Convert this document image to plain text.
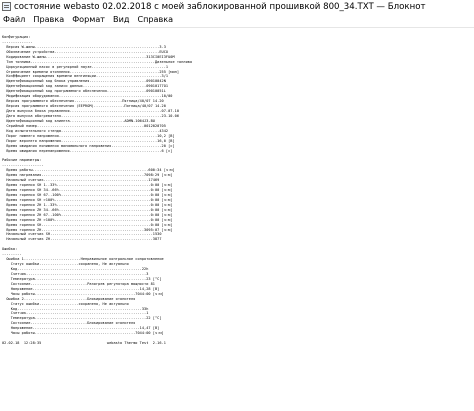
состояние webasto 02.02.2018 с моей заблокированной прошивкой 800_34.TXT — Блокнот
Файл Правка Формат Вид Справка
Конфигурация:
--------------
Версия W-шины.........................................................3.3
Обозначение устройства................................................EUCO
Кодирование W-шины..............................................313CI0EI3FU0M
Тип топлива.........................................................Дизельное топливо
Циркуляционный насос в регулярной паузе..................................1
Ограничение времени отопления.........................................255 [мин]
Коэффициент сокращения времени вентиляции..............................3/1
Идентификационный код блока управления..........................09010042N
Идентификационный код записи данных.............................09010177O1
Идентификационный код программного обеспечения..................09010051L
Модификация оборудования...............................................10/00
Версия программного обеспечения......................Пятница/40/07 14.20
Версия программного обеспечения (EEPROM)..............Пятница/40/07 14.20
Дата выпуска блока управления..........................................07.07.10
Дата выпуска обогревателя..............................................23.10.06
Идентификационный код клиента.........................ADMN-1064J3-BU
Серийный номер.................................................0012020705
Код испытательного стенда.............................................4342
Порог нижнего напряжения.............................................10,2 [В]
Порог верхнего напряжения............................................16,0 [В]
Время ожидания понижения минимального напряжения.......................20 [с]
Время ожидания перенапряжения..........................................6 [с]
Рабочие параметры:
-------------------
Время работы.....................................................600:34 [ч:м]
Время нагревания...............................................7098:29 [ч:м]
Начальный счетчик................................................17469
Время горения SH 1..33%...........................................0:00 [ч:м]
Время горения SH 34..66%..........................................0:00 [ч:м]
Время горения SH 67..100%.........................................0:00 [ч:м]
Время горения SH >100%............................................0:00 [ч:м]
Время горения ZH 1..33%...........................................0:00 [ч:м]
Время горения ZH 34..66%..........................................0:00 [ч:м]
Время горения ZH 67..100%.........................................0:00 [ч:м]
Время горения ZH >100%............................................0:00 [ч:м]
Время горения SH..................................................0:00 [ч:м]
Время горения ZH...............................................3095:07 [ч:м]
Начальный счетчик SH...............................................1530
Начальный счетчик ZH...............................................3877
Ошибка:
---------
Ошибка 1..........................Неправильное контрольное сопротивление
Статус ошибки..................сохранено, Не актуально
Код.........................................................22h
Счетчик.......................................................3
Температура...................................................23 [°C]
Состояние..........................Разогрев регулятора мощности 81
Напряжение.................................................14,28 [В]
Часы работы..............................................7044:00 [ч:м]
Ошибка 2.............................Блокирование отопителя
Статус ошибки..................сохранено, Не актуально
Код.........................................................33h
Счетчик.......................................................1
Температура...................................................22 [°C]
Состояние..........................Блокирование отопителя
Напряжение.................................................14,47 [В]
Часы работы..............................................7044:00 [ч:м]
02.02.18  12:28:35                              webasto Thermo Test  2.16.1
